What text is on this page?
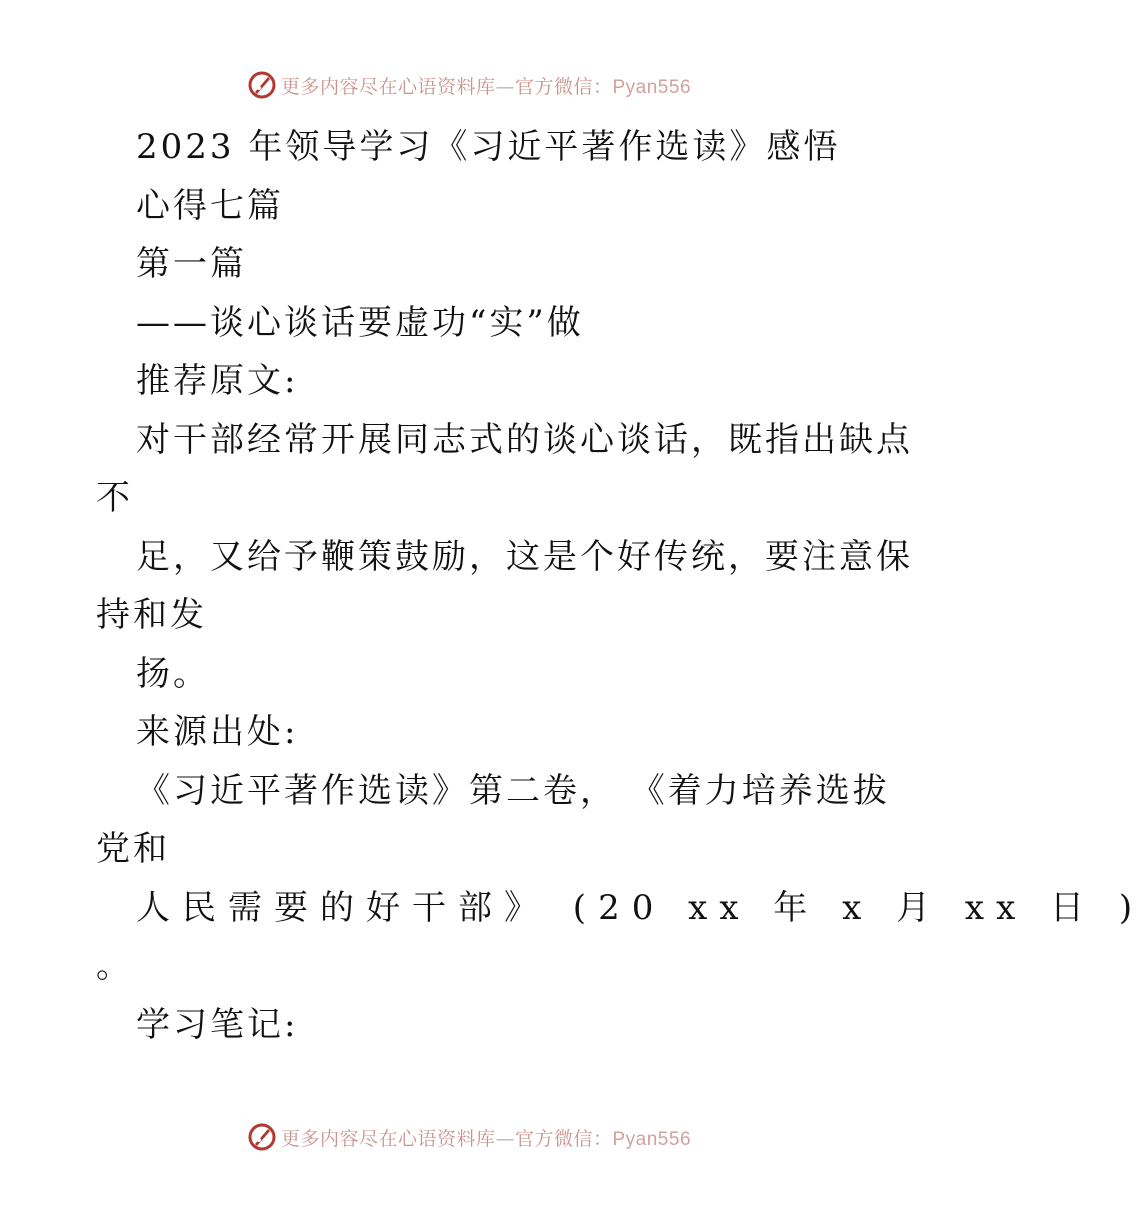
更多内容尽在心语资料库—官方微信：Pyan556
2023 年领导学习《习近平著作选读》感悟
心得七篇
第一篇
——谈心谈话要虚功“实”做
推荐原文:
对干部经常开展同志式的谈心谈话，既指出缺点
不
足，又给予鞭策鼓励，这是个好传统，要注意保
持和发
扬。
来源出处:
《习近平著作选读》第二卷， 《着力培养选拔
党和
人民需要的好干部》 (20 xx 年 x 月 xx 日 )
。
学习笔记:
更多内容尽在心语资料库—官方微信：Pyan556
